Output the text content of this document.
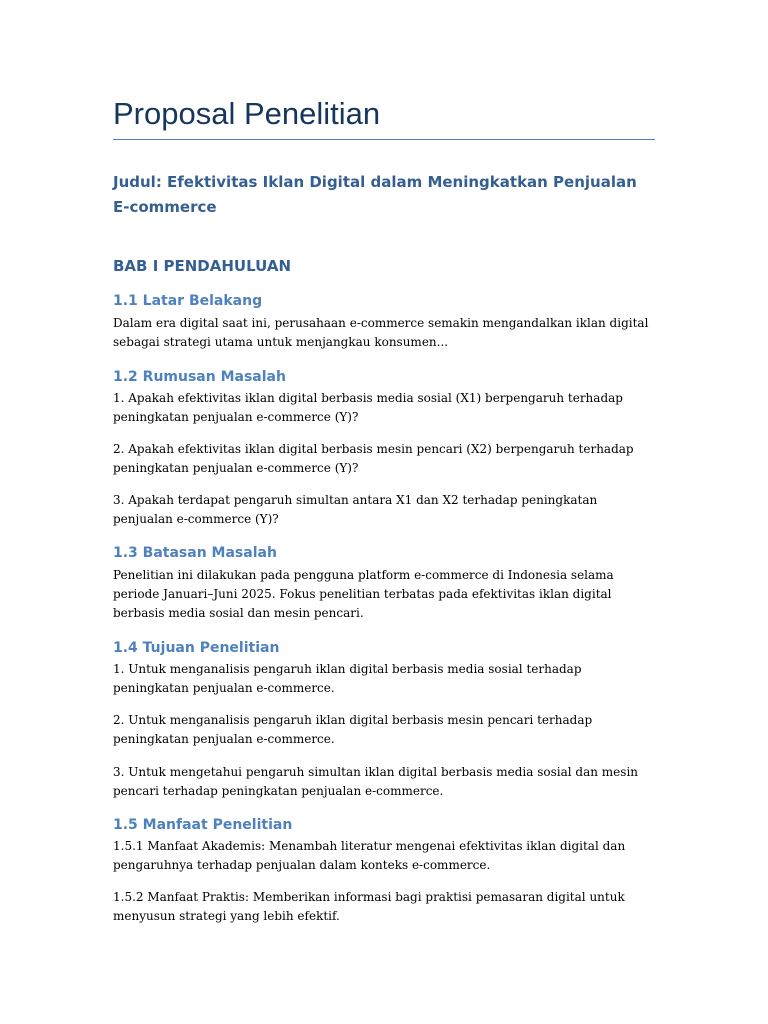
Proposal Penelitian
Judul: Efektivitas Iklan Digital dalam Meningkatkan Penjualan E-commerce
BAB I PENDAHULUAN
1.1 Latar Belakang
Dalam era digital saat ini, perusahaan e-commerce semakin mengandalkan iklan digital sebagai strategi utama untuk menjangkau konsumen...
1.2 Rumusan Masalah
1. Apakah efektivitas iklan digital berbasis media sosial (X1) berpengaruh terhadap peningkatan penjualan e-commerce (Y)?
2. Apakah efektivitas iklan digital berbasis mesin pencari (X2) berpengaruh terhadap peningkatan penjualan e-commerce (Y)?
3. Apakah terdapat pengaruh simultan antara X1 dan X2 terhadap peningkatan penjualan e-commerce (Y)?
1.3 Batasan Masalah
Penelitian ini dilakukan pada pengguna platform e-commerce di Indonesia selama periode Januari–Juni 2025. Fokus penelitian terbatas pada efektivitas iklan digital berbasis media sosial dan mesin pencari.
1.4 Tujuan Penelitian
1. Untuk menganalisis pengaruh iklan digital berbasis media sosial terhadap peningkatan penjualan e-commerce.
2. Untuk menganalisis pengaruh iklan digital berbasis mesin pencari terhadap peningkatan penjualan e-commerce.
3. Untuk mengetahui pengaruh simultan iklan digital berbasis media sosial dan mesin pencari terhadap peningkatan penjualan e-commerce.
1.5 Manfaat Penelitian
1.5.1 Manfaat Akademis: Menambah literatur mengenai efektivitas iklan digital dan pengaruhnya terhadap penjualan dalam konteks e-commerce.
1.5.2 Manfaat Praktis: Memberikan informasi bagi praktisi pemasaran digital untuk menyusun strategi yang lebih efektif.
